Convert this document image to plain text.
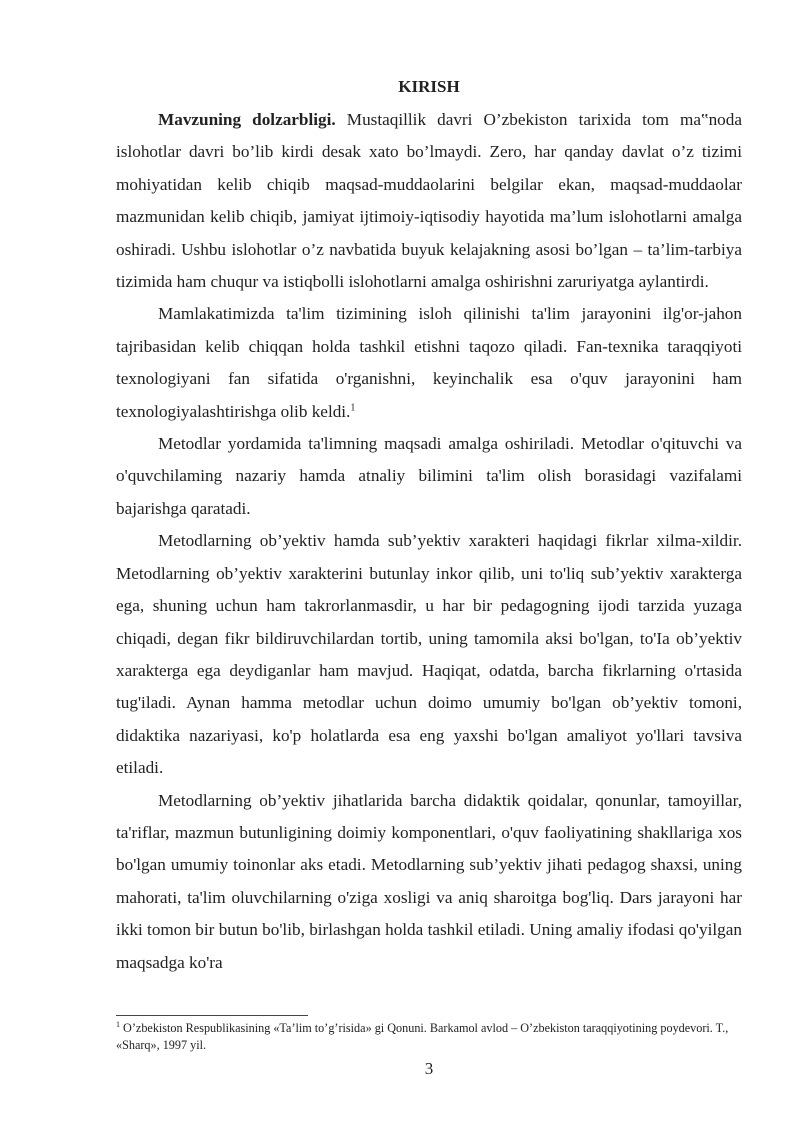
KIRISH

Mavzuning dolzarbligi. Mustaqillik davri O’zbekiston tarixida tom ma‟noda islohotlar davri bo’lib kirdi desak xato bo’lmaydi. Zero, har qanday davlat o’z tizimi mohiyatidan kelib chiqib maqsad-muddaolarini belgilar ekan, maqsad-muddaolar mazmunidan kelib chiqib, jamiyat ijtimoiy-iqtisodiy hayotida ma’lum islohotlarni amalga oshiradi. Ushbu islohotlar o’z navbatida buyuk kelajakning asosi bo’lgan – ta’lim-tarbiya tizimida ham chuqur va istiqbolli islohotlarni amalga oshirishni zaruriyatga aylantirdi.

Mamlakatimizda ta'lim tizimining isloh qilinishi ta'lim jarayonini ilg'or-jahon tajribasidan kelib chiqqan holda tashkil etishni taqozo qiladi. Fan-texnika taraqqiyoti texnologiyani fan sifatida o'rganishni, keyinchalik esa o'quv jarayonini ham texnologiyalashtirishga olib keldi.$^1$

Metodlar yordamida ta'limning maqsadi amalga oshiriladi. Metodlar o'qituvchi va o'quvchilaming nazariy hamda atnaliy bilimini ta'lim olish borasidagi vazifalami bajarishga qaratadi.

Metodlarning ob’yektiv hamda sub’yektiv xarakteri haqidagi fikrlar xilma-xildir. Metodlarning ob’yektiv xarakterini butunlay inkor qilib, uni to'liq sub’yektiv xarakterga ega, shuning uchun ham takrorlanmasdir, u har bir pedagogning ijodi tarzida yuzaga chiqadi, degan fikr bildiruvchilardan tortib, uning tamomila aksi bo'lgan, to'Ia ob’yektiv xarakterga ega deydiganlar ham mavjud. Haqiqat, odatda, barcha fikrlarning o'rtasida tug'iladi. Aynan hamma metodlar uchun doimo umumiy bo'lgan ob’yektiv tomoni, didaktika nazariyasi, ko'p holatlarda esa eng yaxshi bo'lgan amaliyot yo'llari tavsiva etiladi.

Metodlarning ob’yektiv jihatlarida barcha didaktik qoidalar, qonunlar, tamoyillar, ta'riflar, mazmun butunligining doimiy komponentlari, o'quv faoliyatining shakllariga xos bo'lgan umumiy toinonlar aks etadi. Metodlarning sub’yektiv jihati pedagog shaxsi, uning mahorati, ta'lim oluvchilarning o'ziga xosligi va aniq sharoitga bog'liq. Dars jarayoni har ikki tomon bir butun bo'lib, birlashgan holda tashkil etiladi. Uning amaliy ifodasi qo'yilgan maqsadga ko'ra

$^1$ O’zbekiston Respublikasining «Ta’lim to’g’risida» gi Qonuni. Barkamol avlod – O’zbekiston taraqqiyotining poydevori. T., «Sharq», 1997 yil.
3
